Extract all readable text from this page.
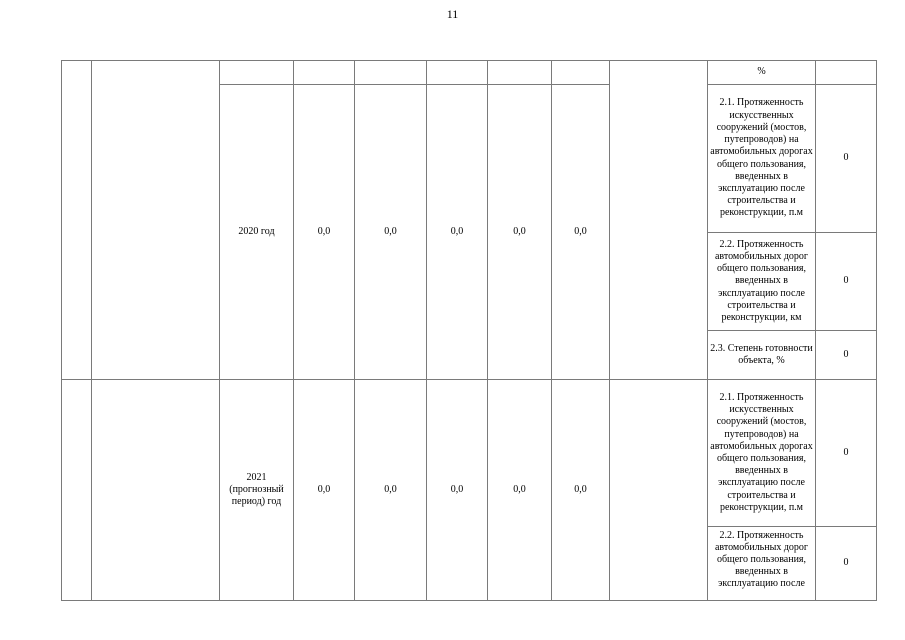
11
									%	
		2020 год	0,0	0,0	0,0	0,0	0,0		2.1. Протяженность искусственных сооружений (мостов, путепроводов) на автомобильных дорогах общего пользования, введенных в эксплуатацию после строительства и реконструкции, п.м	0
									2.2. Протяженность автомобильных дорог общего пользования, введенных в эксплуатацию после строительства и реконструкции, км	0
									2.3. Степень готовности объекта, %	0
		2021 (прогнозный период) год	0,0	0,0	0,0	0,0	0,0		2.1. Протяженность искусственных сооружений (мостов, путепроводов) на автомобильных дорогах общего пользования, введенных в эксплуатацию после строительства и реконструкции, п.м	0

									2.2. Протяженность автомобильных дорог общего пользования, введенных в эксплуатацию после	0
